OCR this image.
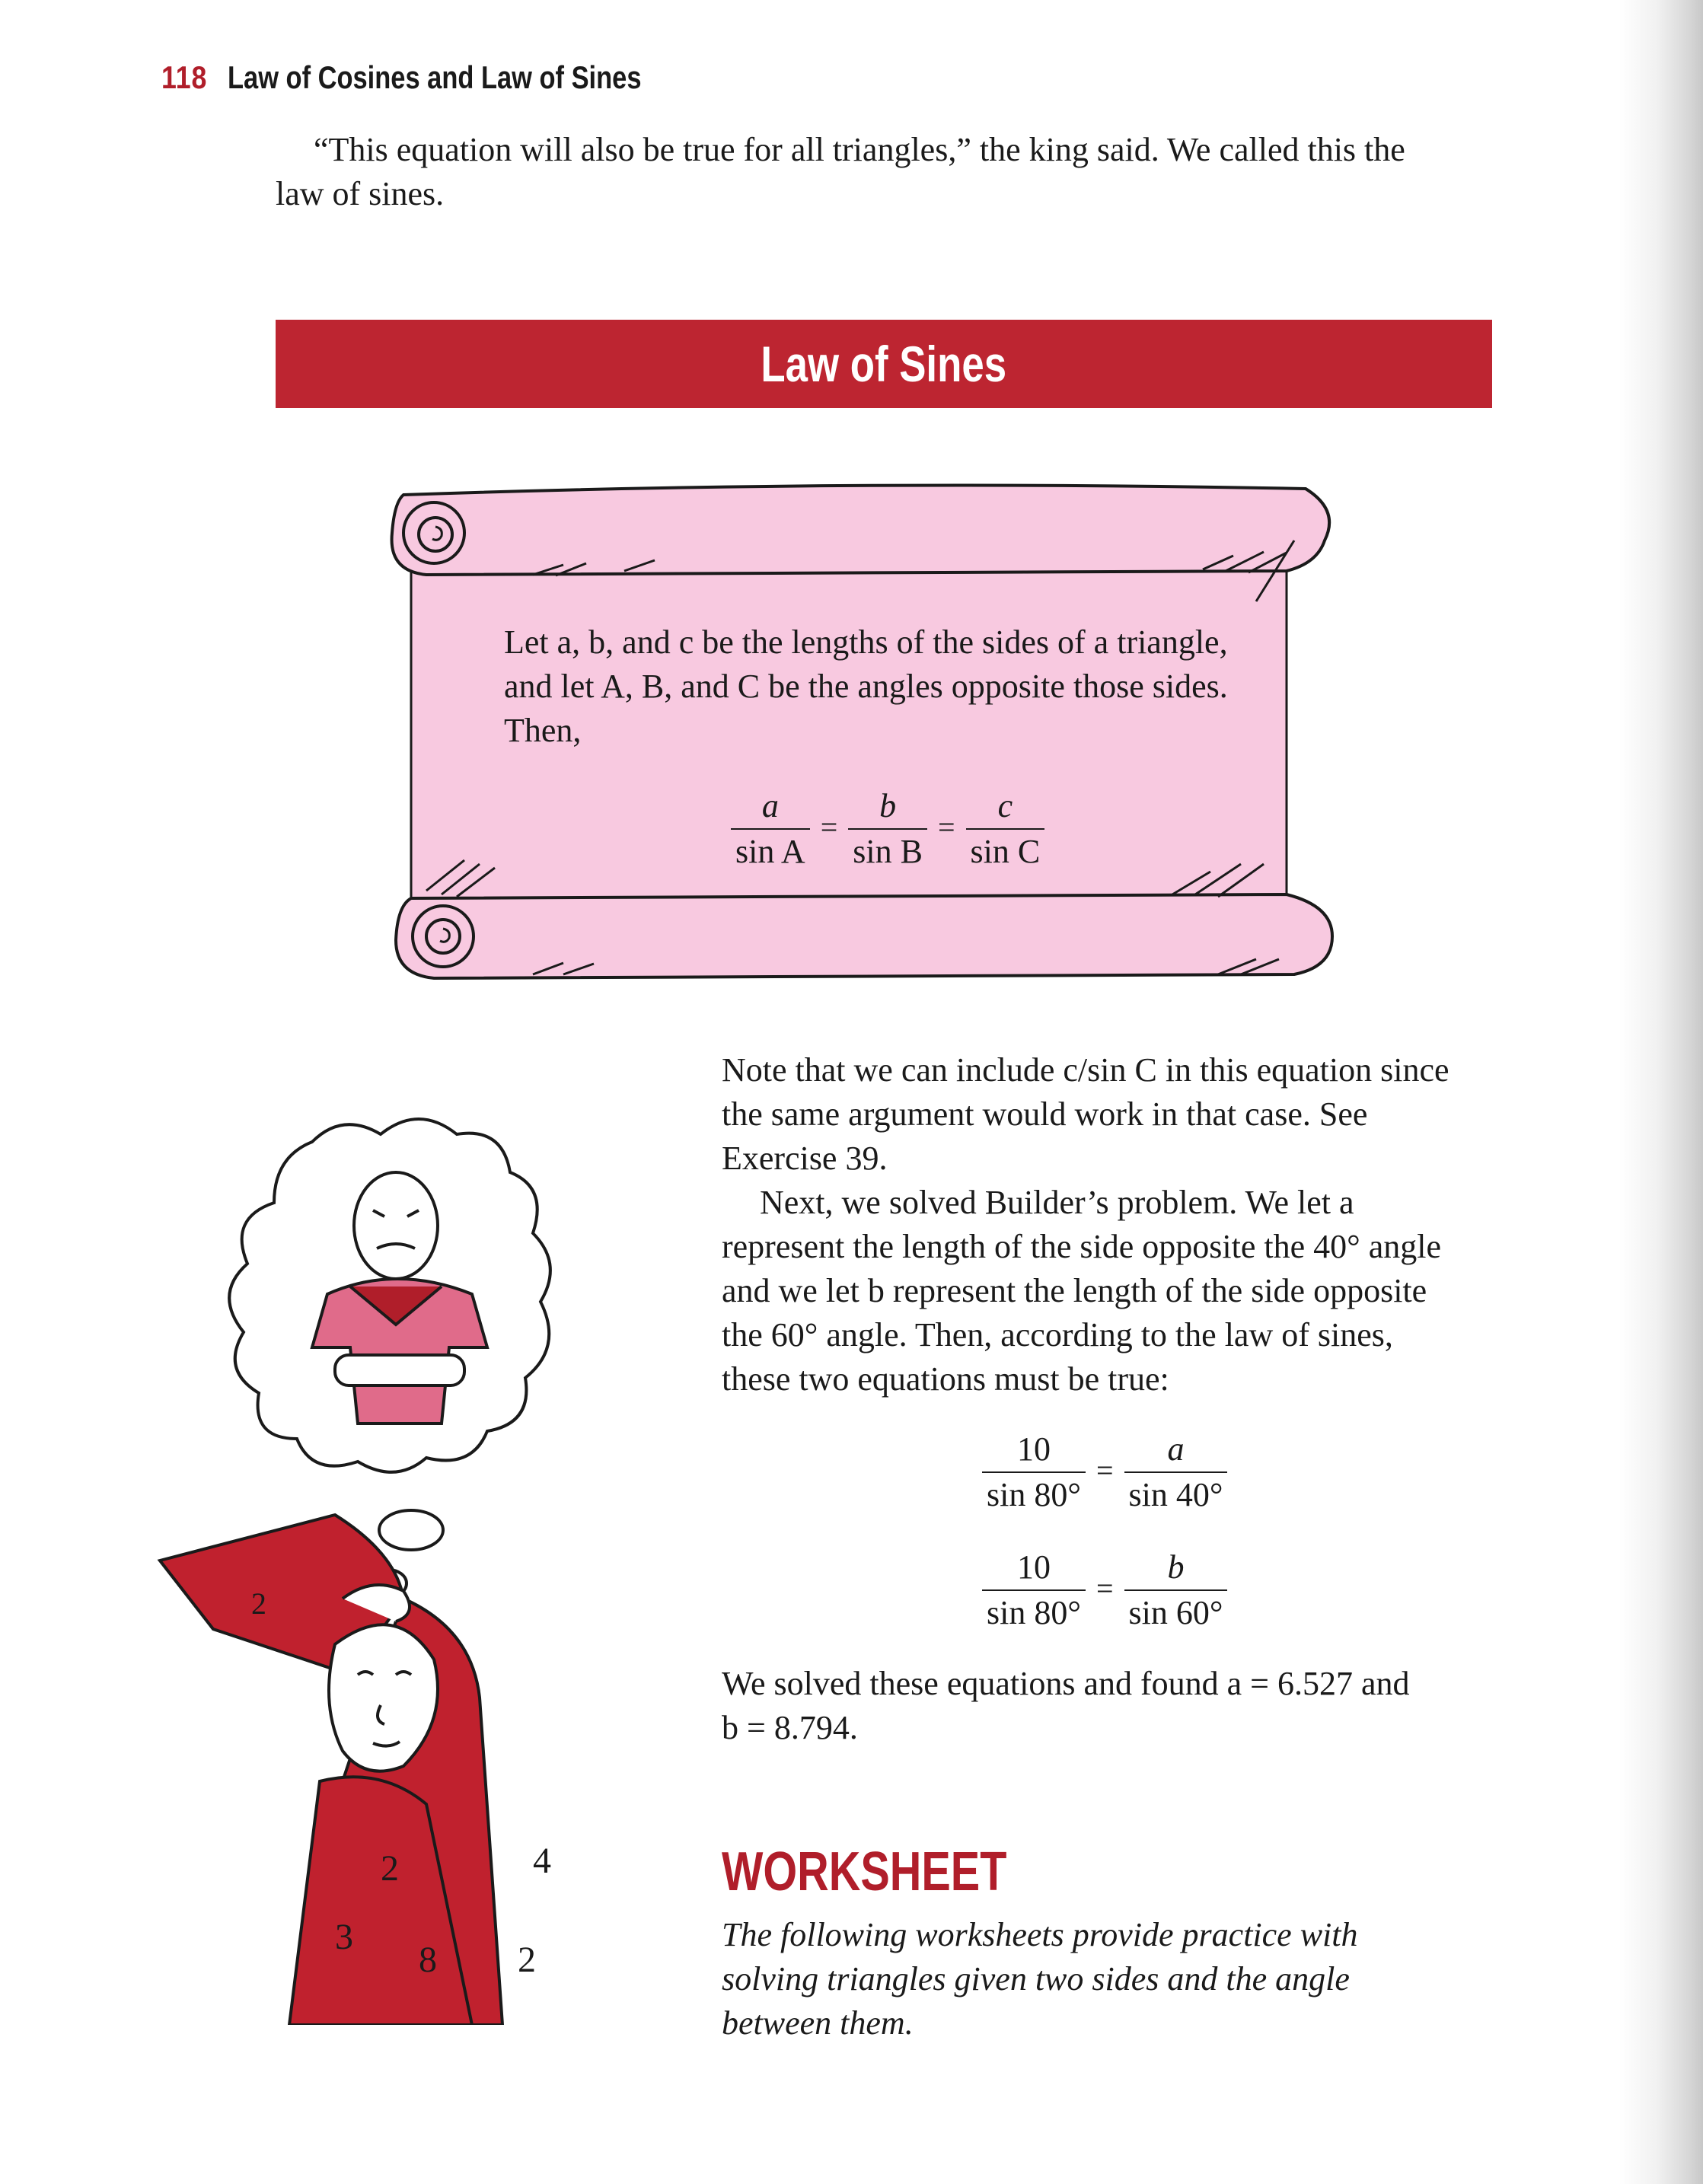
118 Law of Cosines and Law of Sines
“This equation will also be true for all triangles,” the king said. We called this the
law of sines.
Law of Sines
Let a, b, and c be the lengths of the sides of a triangle,
and let A, B, and C be the angles opposite those sides.
Then,
$\frac{a}{\text{sin A}} = \frac{b}{\text{sin B}} = \frac{c}{\text{sin C}}$
Note that we can include c/sin C in this equation since
the same argument would work in that case. See
Exercise 39.
Next, we solved Builder’s problem. We let a
represent the length of the side opposite the 40° angle
and we let b represent the length of the side opposite
the 60° angle. Then, according to the law of sines,
these two equations must be true:
$\frac{10}{\sin 80^\circ} = \frac{a}{\sin 40^\circ}$
$\frac{10}{\sin 80^\circ} = \frac{b}{\sin 60^\circ}$
We solved these equations and found a = 6.527 and
b = 8.794.
WORKSHEET
The following worksheets provide practice with
solving triangles given two sides and the angle
between them.
2
3
8
4
2
2
